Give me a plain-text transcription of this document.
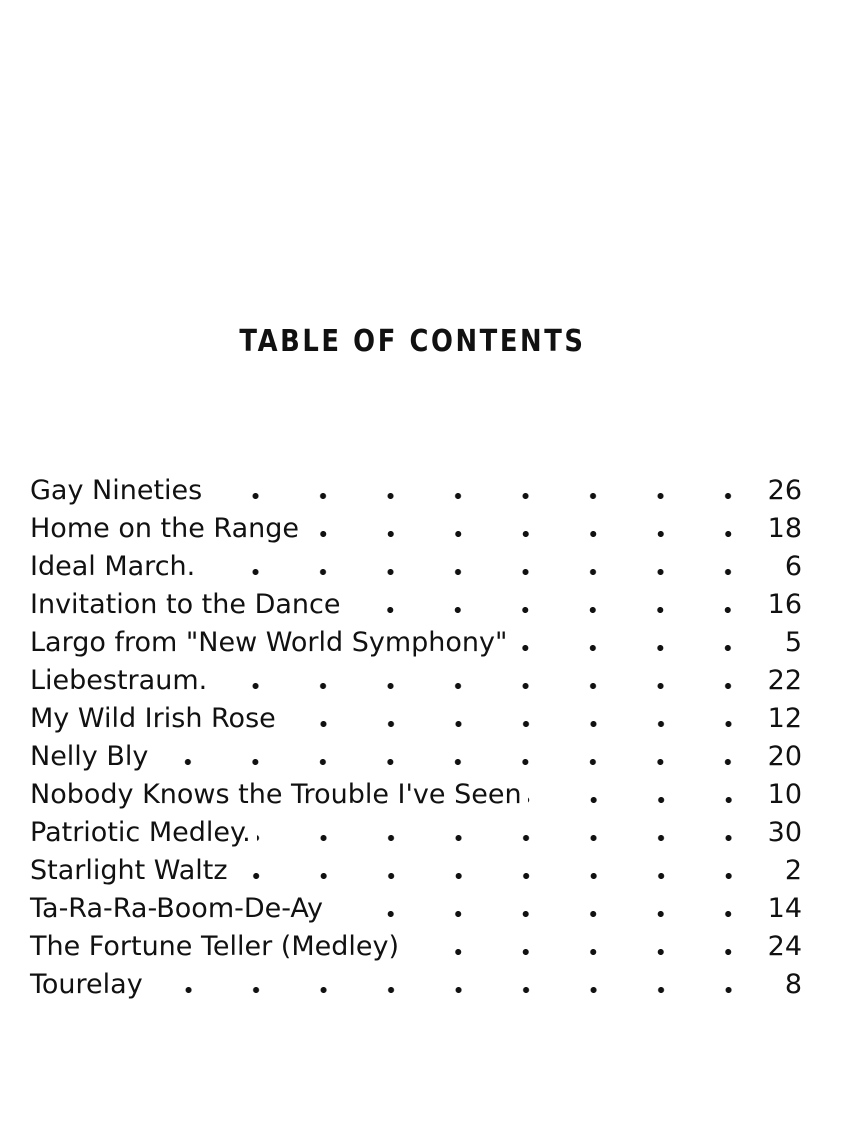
TABLE OF CONTENTS
Gay Nineties	26
Home on the Range	18
Ideal March.	6
Invitation to the Dance	16
Largo from "New World Symphony"	5
Liebestraum.	22
My Wild Irish Rose	12
Nelly Bly	20
Nobody Knows the Trouble I've Seen	10
Patriotic Medley.	30
Starlight Waltz	2
Ta-Ra-Ra-Boom-De-Ay	14
The Fortune Teller (Medley)	24
Tourelay	8
